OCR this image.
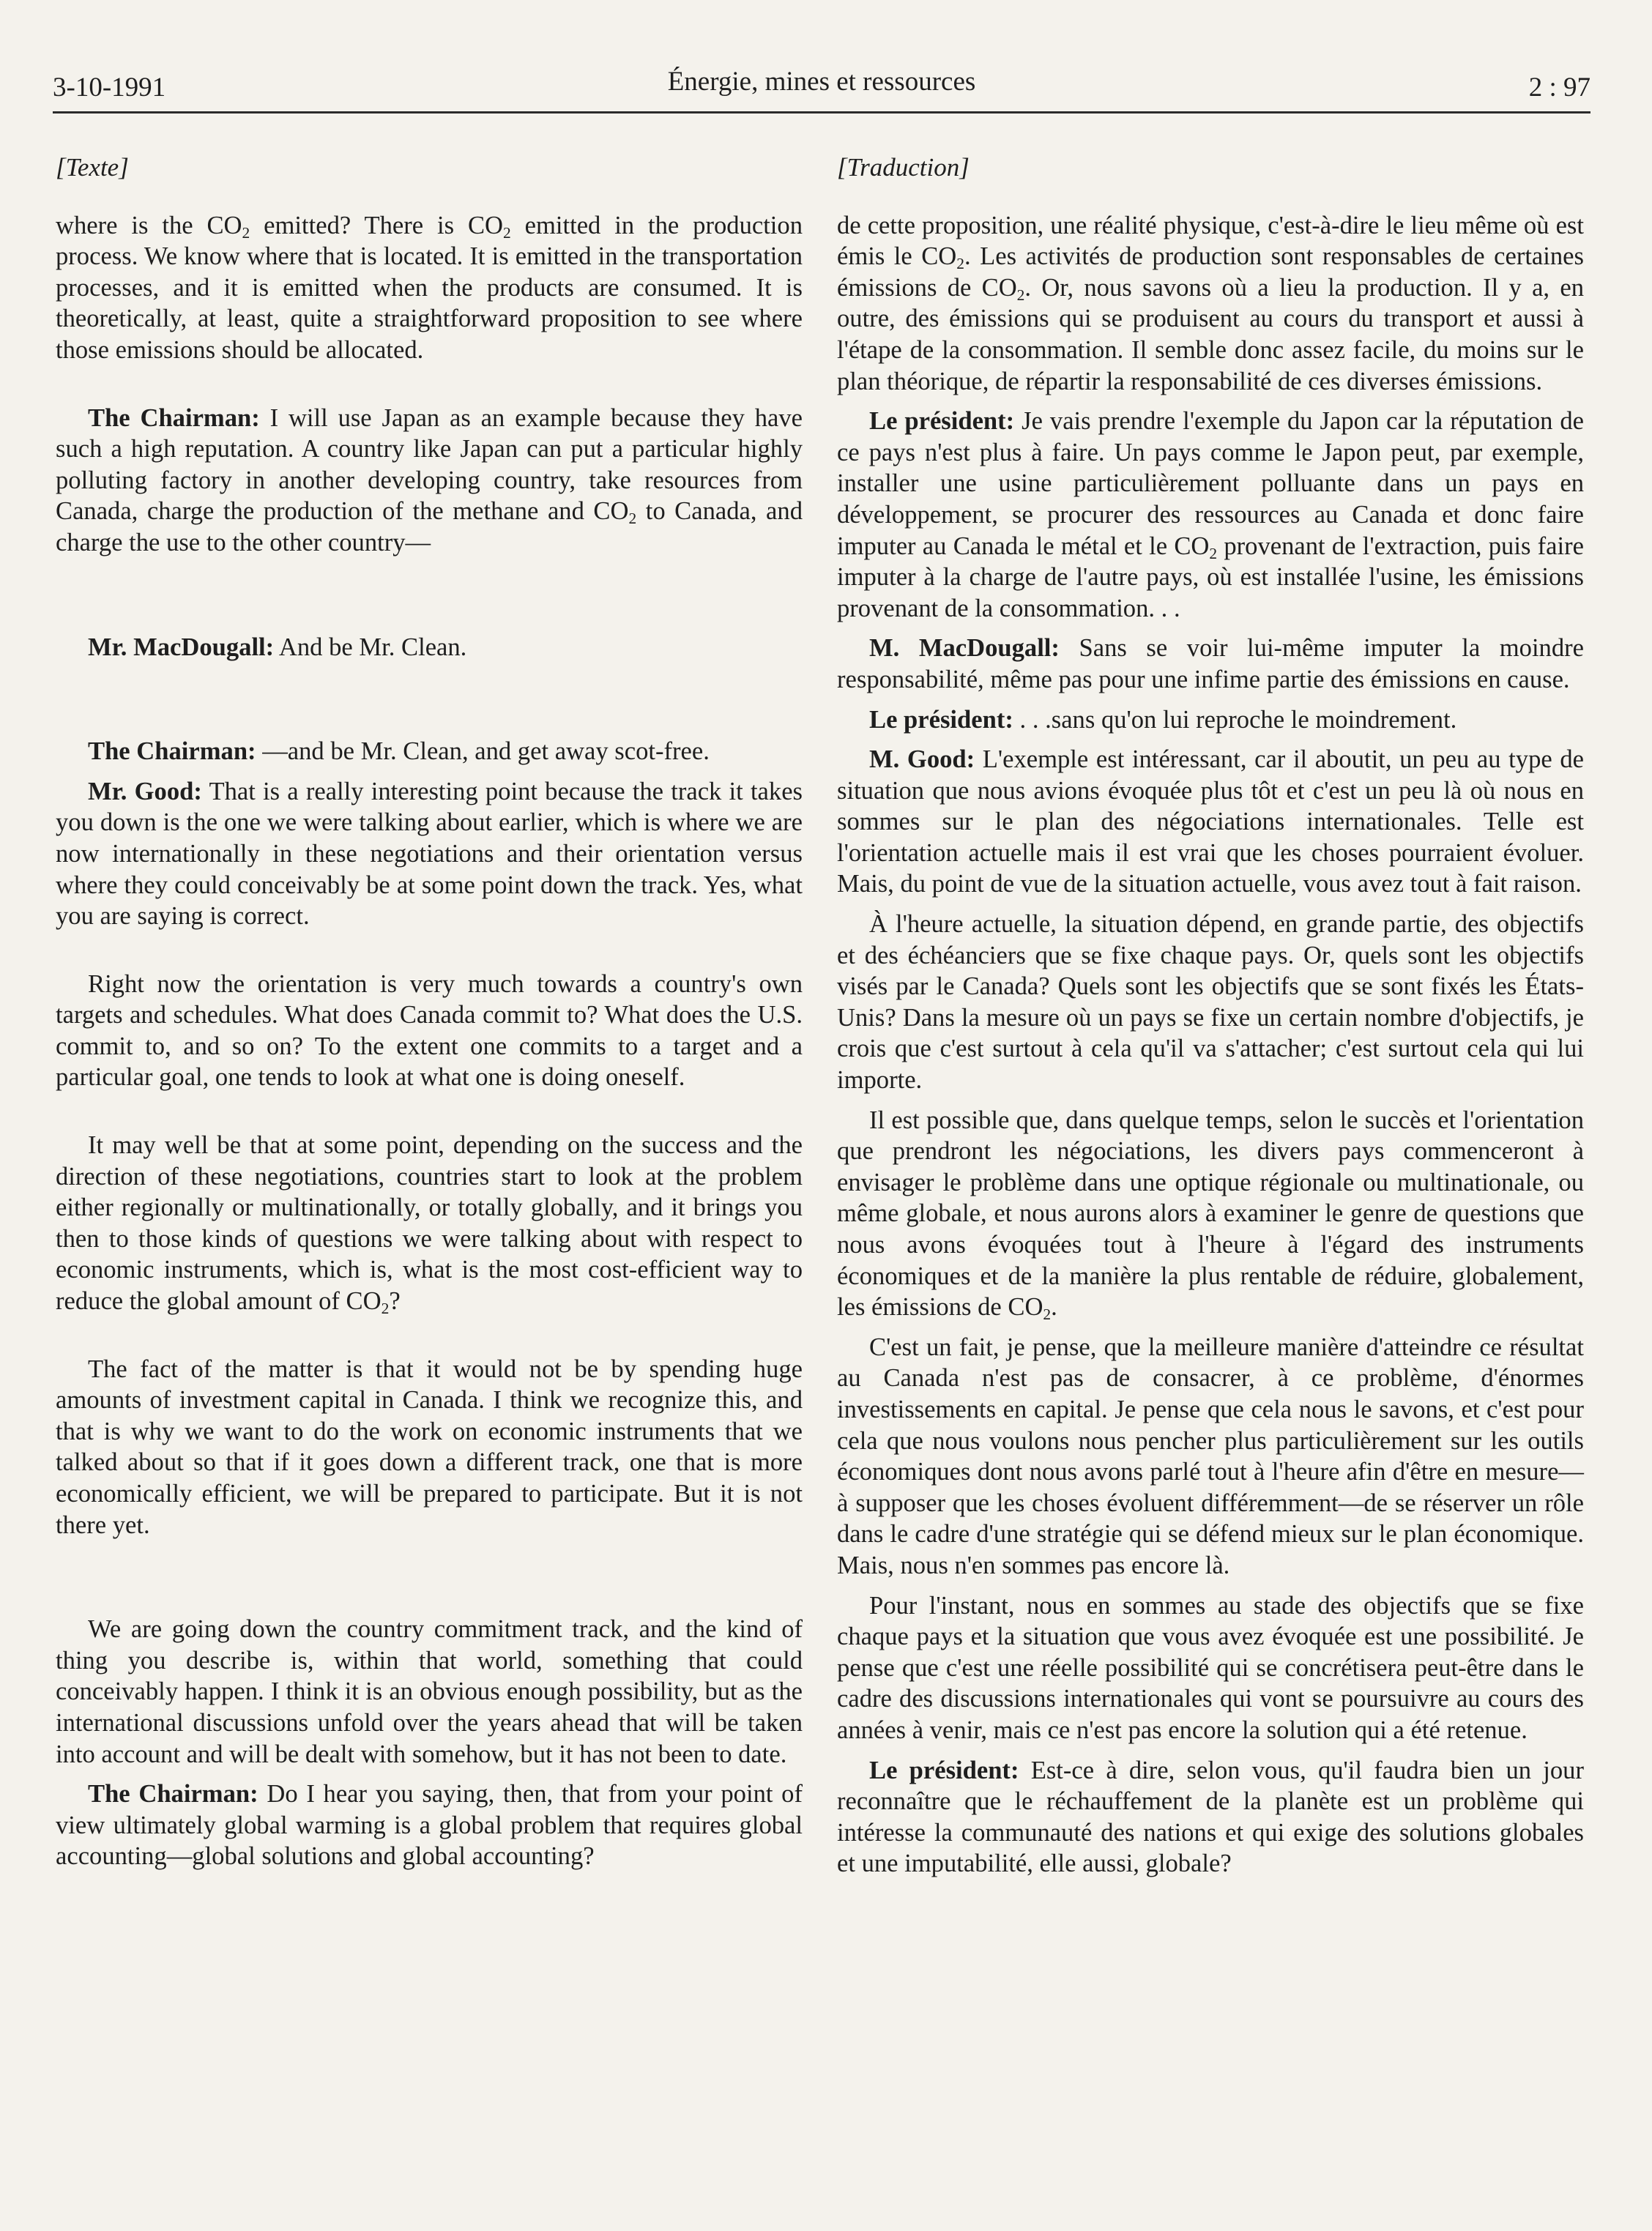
3-10-1991	Énergie, mines et ressources	2 : 97
[Texte]

where is the $CO_2$ emitted? There is $CO_2$ emitted in the production process. We know where that is located. It is emitted in the transportation processes, and it is emitted when the products are consumed. It is theoretically, at least, quite a straightforward proposition to see where those emissions should be allocated.

The Chairman: I will use Japan as an example because they have such a high reputation. A country like Japan can put a particular highly polluting factory in another developing country, take resources from Canada, charge the production of the methane and $CO_2$ to Canada, and charge the use to the other country—

Mr. MacDougall: And be Mr. Clean.

The Chairman: —and be Mr. Clean, and get away scot-free.

Mr. Good: That is a really interesting point because the track it takes you down is the one we were talking about earlier, which is where we are now internationally in these negotiations and their orientation versus where they could conceivably be at some point down the track. Yes, what you are saying is correct.

Right now the orientation is very much towards a country's own targets and schedules. What does Canada commit to? What does the U.S. commit to, and so on? To the extent one commits to a target and a particular goal, one tends to look at what one is doing oneself.

It may well be that at some point, depending on the success and the direction of these negotiations, countries start to look at the problem either regionally or multinationally, or totally globally, and it brings you then to those kinds of questions we were talking about with respect to economic instruments, which is, what is the most cost-efficient way to reduce the global amount of $CO_2$?

The fact of the matter is that it would not be by spending huge amounts of investment capital in Canada. I think we recognize this, and that is why we want to do the work on economic instruments that we talked about so that if it goes down a different track, one that is more economically efficient, we will be prepared to participate. But it is not there yet.

We are going down the country commitment track, and the kind of thing you describe is, within that world, something that could conceivably happen. I think it is an obvious enough possibility, but as the international discussions unfold over the years ahead that will be taken into account and will be dealt with somehow, but it has not been to date.

The Chairman: Do I hear you saying, then, that from your point of view ultimately global warming is a global problem that requires global accounting—global solutions and global accounting?

[Traduction]

de cette proposition, une réalité physique, c'est-à-dire le lieu même où est émis le $CO_2$. Les activités de production sont responsables de certaines émissions de $CO_2$. Or, nous savons où a lieu la production. Il y a, en outre, des émissions qui se produisent au cours du transport et aussi à l'étape de la consommation. Il semble donc assez facile, du moins sur le plan théorique, de répartir la responsabilité de ces diverses émissions.

Le président: Je vais prendre l'exemple du Japon car la réputation de ce pays n'est plus à faire. Un pays comme le Japon peut, par exemple, installer une usine particulièrement polluante dans un pays en développement, se procurer des ressources au Canada et donc faire imputer au Canada le métal et le $CO_2$ provenant de l'extraction, puis faire imputer à la charge de l'autre pays, où est installée l'usine, les émissions provenant de la consommation. . .

M. MacDougall: Sans se voir lui-même imputer la moindre responsabilité, même pas pour une infime partie des émissions en cause.

Le président: . . .sans qu'on lui reproche le moindrement.

M. Good: L'exemple est intéressant, car il aboutit, un peu au type de situation que nous avions évoquée plus tôt et c'est un peu là où nous en sommes sur le plan des négociations internationales. Telle est l'orientation actuelle mais il est vrai que les choses pourraient évoluer. Mais, du point de vue de la situation actuelle, vous avez tout à fait raison.

À l'heure actuelle, la situation dépend, en grande partie, des objectifs et des échéanciers que se fixe chaque pays. Or, quels sont les objectifs visés par le Canada? Quels sont les objectifs que se sont fixés les États-Unis? Dans la mesure où un pays se fixe un certain nombre d'objectifs, je crois que c'est surtout à cela qu'il va s'attacher; c'est surtout cela qui lui importe.

Il est possible que, dans quelque temps, selon le succès et l'orientation que prendront les négociations, les divers pays commenceront à envisager le problème dans une optique régionale ou multinationale, ou même globale, et nous aurons alors à examiner le genre de questions que nous avons évoquées tout à l'heure à l'égard des instruments économiques et de la manière la plus rentable de réduire, globalement, les émissions de $CO_2$.

C'est un fait, je pense, que la meilleure manière d'atteindre ce résultat au Canada n'est pas de consacrer, à ce problème, d'énormes investissements en capital. Je pense que cela nous le savons, et c'est pour cela que nous voulons nous pencher plus particulièrement sur les outils économiques dont nous avons parlé tout à l'heure afin d'être en mesure—à supposer que les choses évoluent différemment—de se réserver un rôle dans le cadre d'une stratégie qui se défend mieux sur le plan économique. Mais, nous n'en sommes pas encore là.

Pour l'instant, nous en sommes au stade des objectifs que se fixe chaque pays et la situation que vous avez évoquée est une possibilité. Je pense que c'est une réelle possibilité qui se concrétisera peut-être dans le cadre des discussions internationales qui vont se poursuivre au cours des années à venir, mais ce n'est pas encore la solution qui a été retenue.

Le président: Est-ce à dire, selon vous, qu'il faudra bien un jour reconnaître que le réchauffement de la planète est un problème qui intéresse la communauté des nations et qui exige des solutions globales et une imputabilité, elle aussi, globale?
